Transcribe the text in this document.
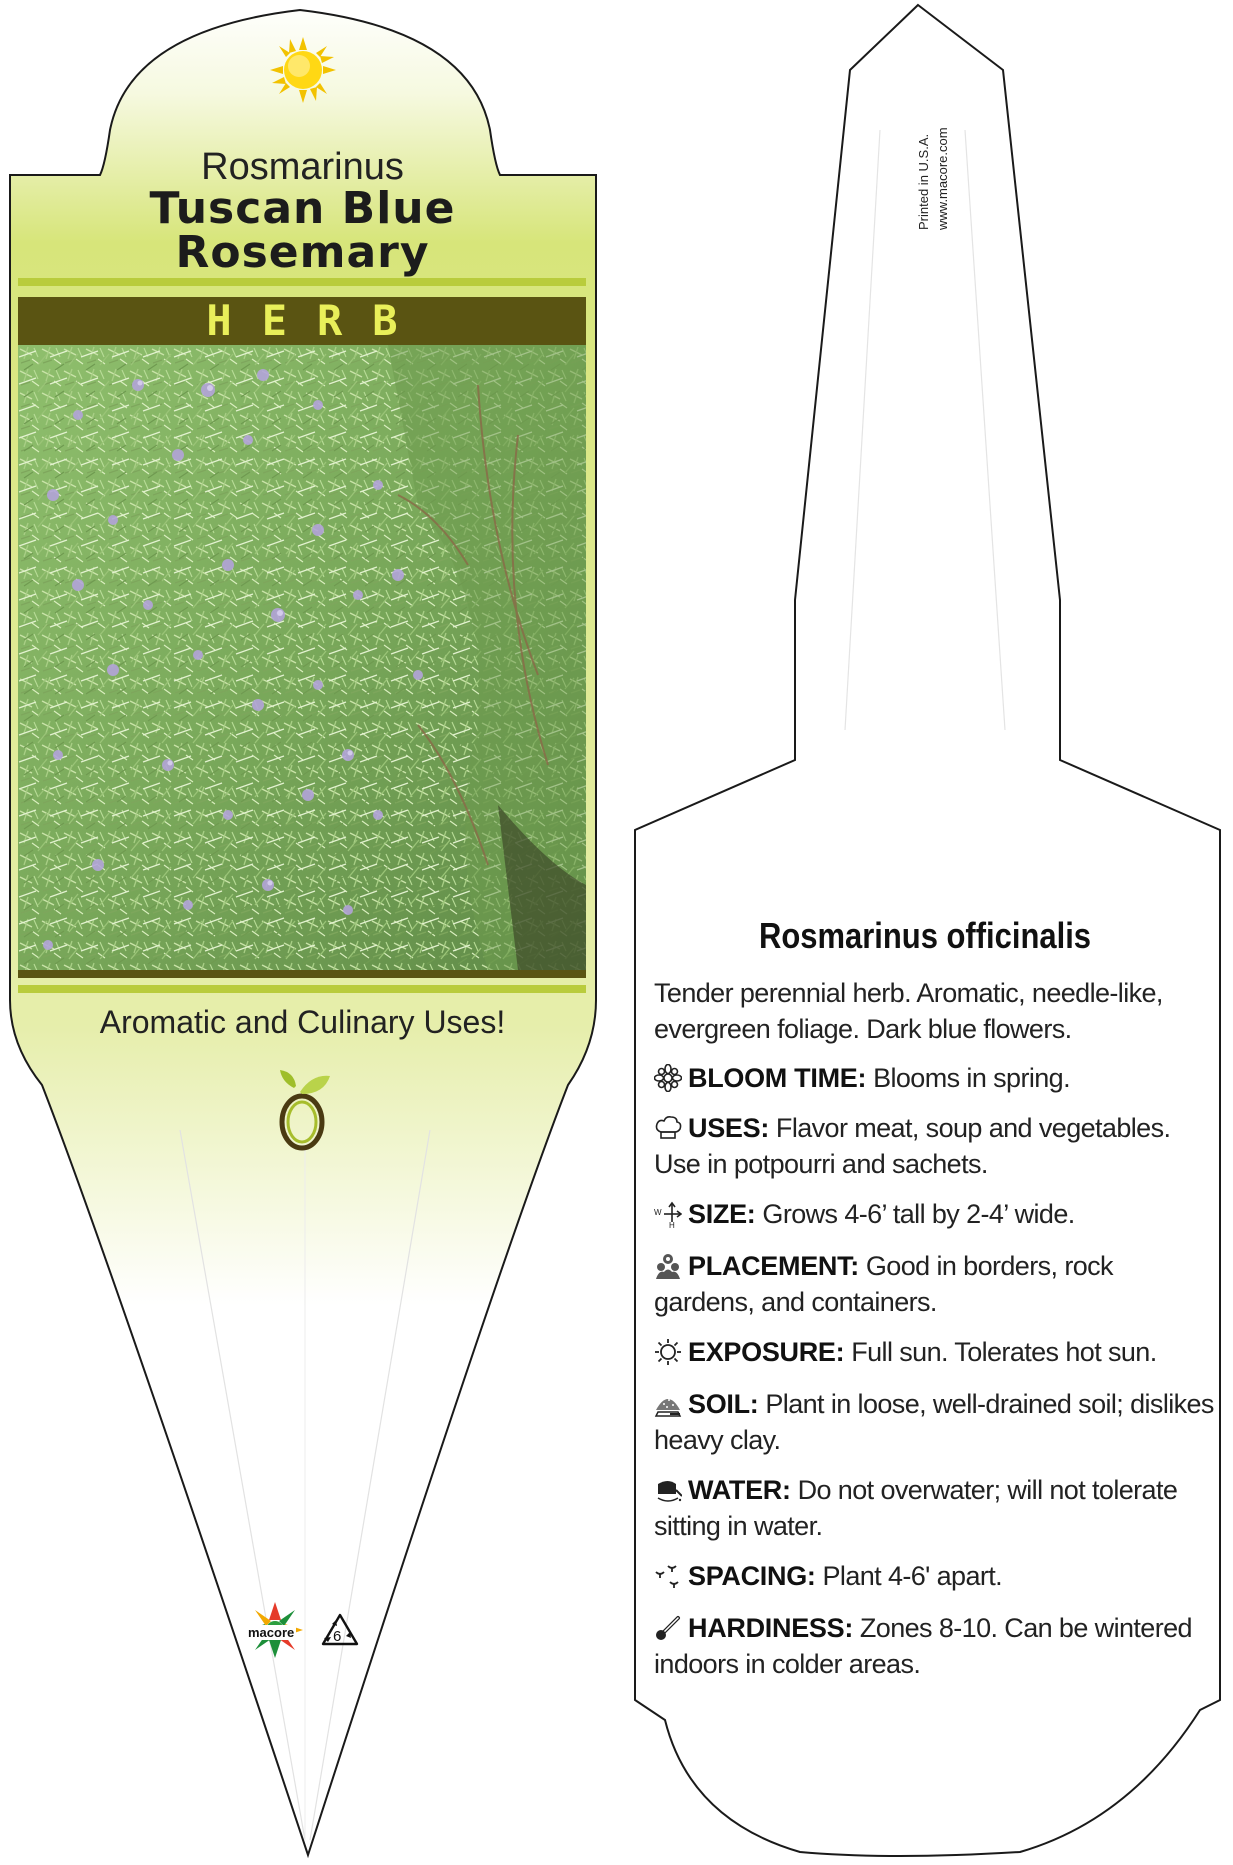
Rosmarinus
Tuscan Blue
Rosemary
HERB
Aromatic and Culinary Uses!
macore	6
Printed in U.S.A. www.macore.com
Rosmarinus officinalis
Tender perennial herb. Aromatic, needle-like, evergreen foliage. Dark blue flowers.
BLOOM TIME: Blooms in spring.
USES: Flavor meat, soup and vegetables. Use in potpourri and sachets.
W
H SIZE: Grows 4-6’ tall by 2-4’ wide.
PLACEMENT: Good in borders, rock gardens, and containers.
EXPOSURE: Full sun. Tolerates hot sun.
SOIL: Plant in loose, well-drained soil; dislikes heavy clay.
WATER: Do not overwater; will not tolerate sitting in water.
SPACING: Plant 4-6' apart.
HARDINESS: Zones 8-10. Can be wintered indoors in colder areas.
